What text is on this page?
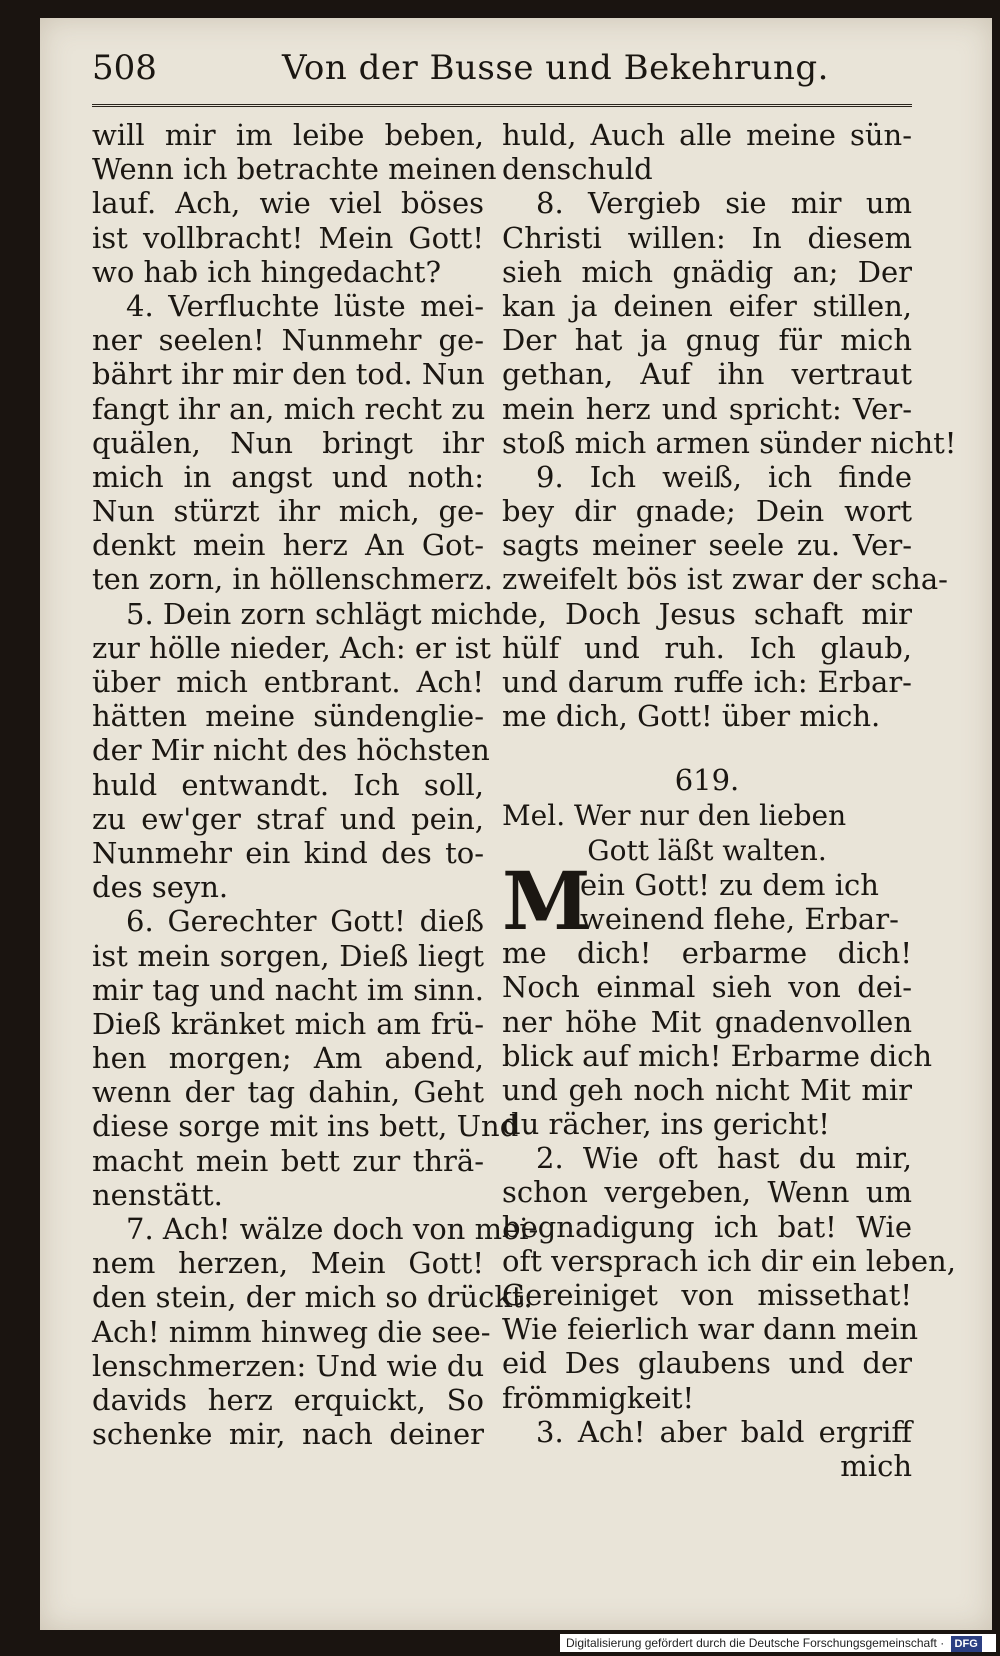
508	Von der Busse und Bekehrung.
will mir im leibe beben,
Wenn ich betrachte meinen
lauf. Ach, wie viel böses
ist vollbracht! Mein Gott!
wo hab ich hingedacht?
4. Verfluchte lüste mei-
ner seelen! Nunmehr ge-
bährt ihr mir den tod. Nun
fangt ihr an, mich recht zu
quälen, Nun bringt ihr
mich in angst und noth:
Nun stürzt ihr mich, ge-
denkt mein herz An Got-
ten zorn, in höllenschmerz.
5. Dein zorn schlägt mich
zur hölle nieder, Ach: er ist
über mich entbrant. Ach!
hätten meine sündenglie-
der Mir nicht des höchsten
huld entwandt. Ich soll,
zu ew'ger straf und pein,
Nunmehr ein kind des to-
des seyn.
6. Gerechter Gott! dieß
ist mein sorgen, Dieß liegt
mir tag und nacht im sinn.
Dieß kränket mich am frü-
hen morgen; Am abend,
wenn der tag dahin, Geht
diese sorge mit ins bett, Und
macht mein bett zur thrä-
nenstätt.
7. Ach! wälze doch von mei-
nem herzen, Mein Gott!
den stein, der mich so drückt.
Ach! nimm hinweg die see-
lenschmerzen: Und wie du
davids herz erquickt, So
schenke mir, nach deiner
huld, Auch alle meine sün-
denschuld
8. Vergieb sie mir um
Christi willen: In diesem
sieh mich gnädig an; Der
kan ja deinen eifer stillen,
Der hat ja gnug für mich
gethan, Auf ihn vertraut
mein herz und spricht: Ver-
stoß mich armen sünder nicht!
9. Ich weiß, ich finde
bey dir gnade; Dein wort
sagts meiner seele zu. Ver-
zweifelt bös ist zwar der scha-
de, Doch Jesus schaft mir
hülf und ruh. Ich glaub,
und darum ruffe ich: Erbar-
me dich, Gott! über mich.
619.
Mel. Wer nur den lieben
Gott läßt walten.
M
ein Gott! zu dem ich
weinend flehe, Erbar-
me dich! erbarme dich!
Noch einmal sieh von dei-
ner höhe Mit gnadenvollen
blick auf mich! Erbarme dich
und geh noch nicht Mit mir
du rächer, ins gericht!
2. Wie oft hast du mir,
schon vergeben, Wenn um
begnadigung ich bat! Wie
oft versprach ich dir ein leben,
Gereiniget von missethat!
Wie feierlich war dann mein
eid Des glaubens und der
frömmigkeit!
3. Ach! aber bald ergriff
mich
Digitalisierung gefördert durch die Deutsche Forschungsgemeinschaft · DFG
